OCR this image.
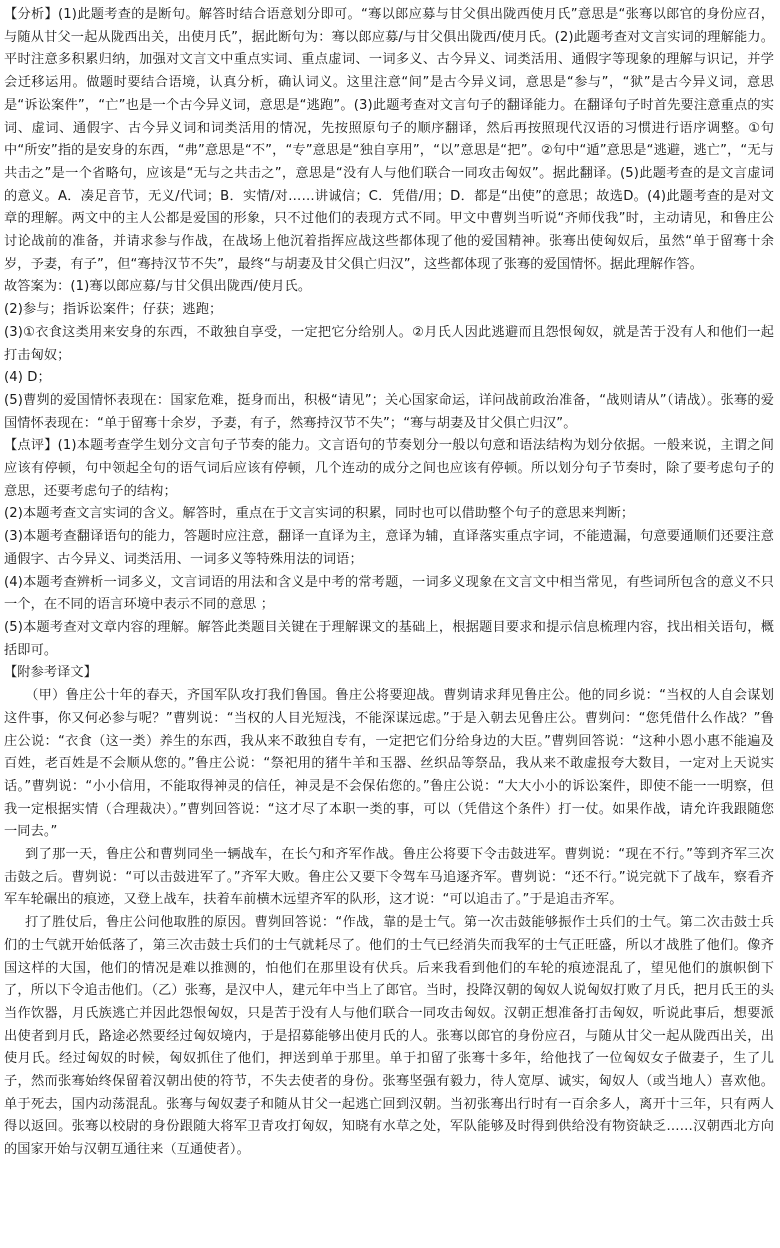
【分析】(1)此题考查的是断句。解答时结合语意划分即可。“骞以郎应募与甘父俱出陇西使月氏”意思是“张骞以郎官的身份应召，与随从甘父一起从陇西出关，出使月氏”，据此断句为：骞以郎应募/与甘父俱出陇西/使月氏。(2)此题考查对文言实词的理解能力。平时注意多积累归纳，加强对文言文中重点实词、重点虚词、一词多义、古今异义、词类活用、通假字等现象的理解与识记，并学会迁移运用。做题时要结合语境，认真分析，确认词义。这里注意“间”是古今异义词，意思是“参与”，“狱”是古今异义词，意思是“诉讼案件”，“亡”也是一个古今异义词，意思是“逃跑”。(3)此题考查对文言句子的翻译能力。在翻译句子时首先要注意重点的实词、虚词、通假字、古今异义词和词类活用的情况，先按照原句子的顺序翻译，然后再按照现代汉语的习惯进行语序调整。①句中“所安”指的是安身的东西，“弗”意思是“不”，“专”意思是“独自享用”，“以”意思是“把”。②句中“遁”意思是“逃避，逃亡”，“无与共击之”是一个省略句，应该是“无与之共击之”，意思是“没有人与他们联合一同攻击匈奴”。据此翻译。(5)此题考查的是文言虚词的意义。A．凑足音节，无义/代词；B．实情/对……讲诚信；C．凭借/用；D．都是“出使”的意思；故选D。(4)此题考查的是对文章的理解。两文中的主人公都是爱国的形象，只不过他们的表现方式不同。甲文中曹刿当听说“齐师伐我”时，主动请见，和鲁庄公讨论战前的准备，并请求参与作战，在战场上他沉着指挥应战这些都体现了他的爱国精神。张骞出使匈奴后，虽然“单于留骞十余岁，予妻，有子”，但“骞持汉节不失”，最终“与胡妻及甘父俱亡归汉”，这些都体现了张骞的爱国情怀。据此理解作答。

故答案为：(1)骞以郎应募/与甘父俱出陇西/使月氏。

(2)参与；指诉讼案件；仔获；逃跑；

(3)①衣食这类用来安身的东西，不敢独自享受，一定把它分给别人。②月氏人因此逃避而且怨恨匈奴，就是苦于没有人和他们一起打击匈奴；

(4) D；

(5)曹刿的爱国情怀表现在：国家危难，挺身而出，积极“请见”；关心国家命运，详问战前政治准备，“战则请从”（请战）。张骞的爱国情怀表现在：“单于留骞十余岁，予妻，有子，然骞持汉节不失”；“骞与胡妻及甘父俱亡归汉”。

【点评】(1)本题考查学生划分文言句子节奏的能力。文言语句的节奏划分一般以句意和语法结构为划分依据。一般来说，主谓之间应该有停顿，句中领起全句的语气词后应该有停顿，几个连动的成分之间也应该有停顿。所以划分句子节奏时，除了要考虑句子的意思，还要考虑句子的结构；

(2)本题考查文言实词的含义。解答时，重点在于文言实词的积累，同时也可以借助整个句子的意思来判断；

(3)本题考查翻译语句的能力，答题时应注意，翻译一直译为主，意译为辅，直译落实重点字词，不能遗漏，句意要通顺们还要注意通假字、古今异义、词类活用、一词多义等特殊用法的词语；

(4)本题考查辨析一词多义，文言词语的用法和含义是中考的常考题，一词多义现象在文言文中相当常见，有些词所包含的意义不只一个，在不同的语言环境中表示不同的意思 ；

(5)本题考查对文章内容的理解。解答此类题目关键在于理解课文的基础上，根据题目要求和提示信息梳理内容，找出相关语句，概括即可。

【附参考译文】

（甲）鲁庄公十年的春天，齐国军队攻打我们鲁国。鲁庄公将要迎战。曹刿请求拜见鲁庄公。他的同乡说：“当权的人自会谋划这件事，你又何必参与呢？”曹刿说：“当权的人目光短浅，不能深谋远虑。”于是入朝去见鲁庄公。曹刿问：“您凭借什么作战？”鲁庄公说：“衣食（这一类）养生的东西，我从来不敢独自专有，一定把它们分给身边的大臣。”曹刿回答说：“这种小恩小惠不能遍及百姓，老百姓是不会顺从您的。”鲁庄公说：“祭祀用的猪牛羊和玉器、丝织品等祭品，我从来不敢虚报夸大数目，一定对上天说实话。”曹刿说：“小小信用，不能取得神灵的信任，神灵是不会保佑您的。”鲁庄公说：“大大小小的诉讼案件，即使不能一一明察，但我一定根据实情（合理裁决）。”曹刿回答说：“这才尽了本职一类的事，可以（凭借这个条件）打一仗。如果作战，请允许我跟随您一同去。”

到了那一天，鲁庄公和曹刿同坐一辆战车，在长勺和齐军作战。鲁庄公将要下令击鼓进军。曹刿说：“现在不行。”等到齐军三次击鼓之后。曹刿说：“可以击鼓进军了。”齐军大败。鲁庄公又要下令驾车马追逐齐军。曹刿说：“还不行。”说完就下了战车，察看齐军车轮碾出的痕迹，又登上战车，扶着车前横木远望齐军的队形，这才说：“可以追击了。”于是追击齐军。

打了胜仗后，鲁庄公问他取胜的原因。曹刿回答说：“作战，靠的是士气。第一次击鼓能够振作士兵们的士气。第二次击鼓士兵们的士气就开始低落了，第三次击鼓士兵们的士气就耗尽了。他们的士气已经消失而我军的士气正旺盛，所以才战胜了他们。像齐国这样的大国，他们的情况是难以推测的，怕他们在那里设有伏兵。后来我看到他们的车轮的痕迹混乱了，望见他们的旗帜倒下了，所以下令追击他们。（乙）张骞，是汉中人，建元年中当上了郎官。当时，投降汉朝的匈奴人说匈奴打败了月氏，把月氏王的头当作饮器，月氏族逃亡并因此怨恨匈奴，只是苦于没有人与他们联合一同攻击匈奴。汉朝正想准备打击匈奴，听说此事后，想要派出使者到月氏，路途必然要经过匈奴境内，于是招募能够出使月氏的人。张骞以郎官的身份应召，与随从甘父一起从陇西出关，出使月氏。经过匈奴的时候，匈奴抓住了他们，押送到单于那里。单于扣留了张骞十多年，给他找了一位匈奴女子做妻子，生了儿子，然而张骞始终保留着汉朝出使的符节，不失去使者的身份。张骞坚强有毅力，待人宽厚、诚实，匈奴人（或当地人）喜欢他。单于死去，国内动荡混乱。张骞与匈奴妻子和随从甘父一起逃亡回到汉朝。当初张骞出行时有一百余多人，离开十三年，只有两人得以返回。张骞以校尉的身份跟随大将军卫青攻打匈奴，知晓有水草之处，军队能够及时得到供给没有物资缺乏……汉朝西北方向的国家开始与汉朝互通往来（互通使者）。
